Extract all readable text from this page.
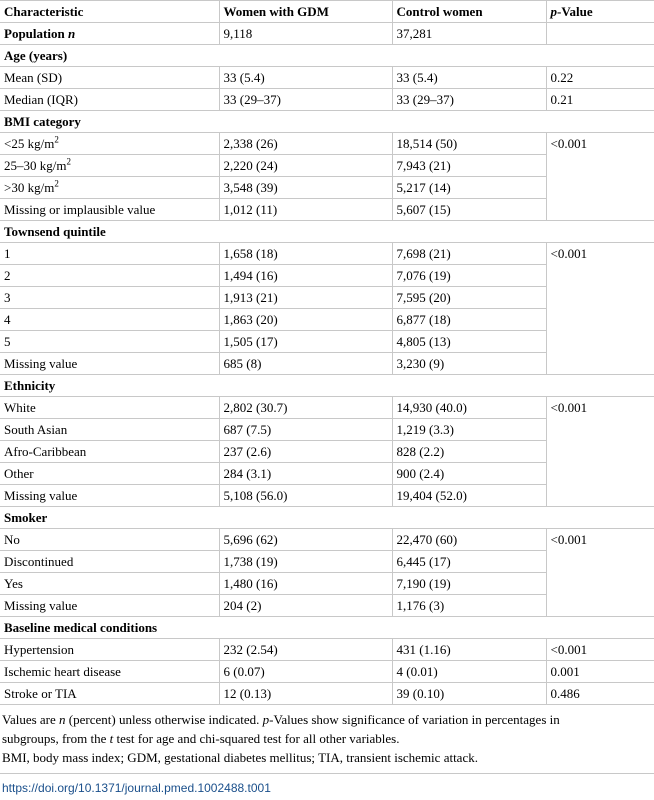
Characteristic	Women with GDM	Control women	p-Value
Population n	9,118	37,281	
Age (years)			
Mean (SD)	33 (5.4)	33 (5.4)	0.22
Median (IQR)	33 (29–37)	33 (29–37)	0.21
BMI category			
<25 $kg/m^2$	2,338 (26)	18,514 (50)	<0.001
25–30 $kg/m^2$	2,220 (24)	7,943 (21)	
>30 $kg/m^2$	3,548 (39)	5,217 (14)	
Missing or implausible value	1,012 (11)	5,607 (15)	
Townsend quintile			
1	1,658 (18)	7,698 (21)	<0.001
2	1,494 (16)	7,076 (19)	
3	1,913 (21)	7,595 (20)	
4	1,863 (20)	6,877 (18)	
5	1,505 (17)	4,805 (13)	
Missing value	685 (8)	3,230 (9)	
Ethnicity			
White	2,802 (30.7)	14,930 (40.0)	<0.001
South Asian	687 (7.5)	1,219 (3.3)	
Afro-Caribbean	237 (2.6)	828 (2.2)	
Other	284 (3.1)	900 (2.4)	
Missing value	5,108 (56.0)	19,404 (52.0)	
Smoker			
No	5,696 (62)	22,470 (60)	<0.001
Discontinued	1,738 (19)	6,445 (17)	
Yes	1,480 (16)	7,190 (19)	
Missing value	204 (2)	1,176 (3)	
Baseline medical conditions			
Hypertension	232 (2.54)	431 (1.16)	<0.001
Ischemic heart disease	6 (0.07)	4 (0.01)	0.001
Stroke or TIA	12 (0.13)	39 (0.10)	0.486
Values are n (percent) unless otherwise indicated. p-Values show significance of variation in percentages in
subgroups, from the t test for age and chi-squared test for all other variables.
BMI, body mass index; GDM, gestational diabetes mellitus; TIA, transient ischemic attack.
https://doi.org/10.1371/journal.pmed.1002488.t001
